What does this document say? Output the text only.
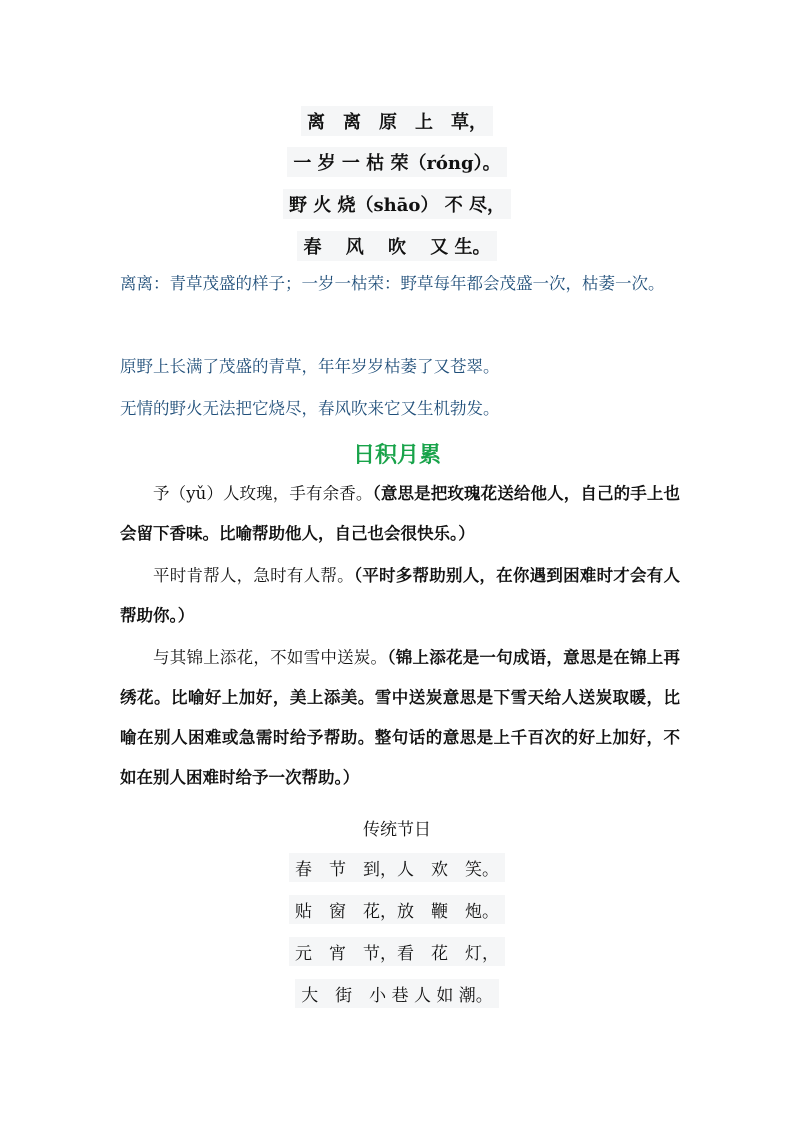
离　离　原　上　草，
一 岁 一 枯 荣（róng）。
野 火 烧（shāo） 不 尽，
春　 风　 吹　 又 生。
离离：青草茂盛的样子；一岁一枯荣：野草每年都会茂盛一次，枯萎一次。
原野上长满了茂盛的青草，年年岁岁枯萎了又苍翠。
无情的野火无法把它烧尽，春风吹来它又生机勃发。
日积月累
予（yǔ）人玫瑰，手有余香。（意思是把玫瑰花送给他人，自己的手上也会留下香味。比喻帮助他人，自己也会很快乐。）
平时肯帮人，急时有人帮。（平时多帮助别人，在你遇到困难时才会有人帮助你。）
与其锦上添花，不如雪中送炭。（锦上添花是一句成语，意思是在锦上再绣花。比喻好上加好，美上添美。雪中送炭意思是下雪天给人送炭取暖，比喻在别人困难或急需时给予帮助。整句话的意思是上千百次的好上加好，不如在别人困难时给予一次帮助。）
传统节日
春　节　到，人　欢　笑。
贴　窗　花，放　鞭　炮。
元　宵　节，看　花　灯，
大　街　小 巷 人 如 潮。
